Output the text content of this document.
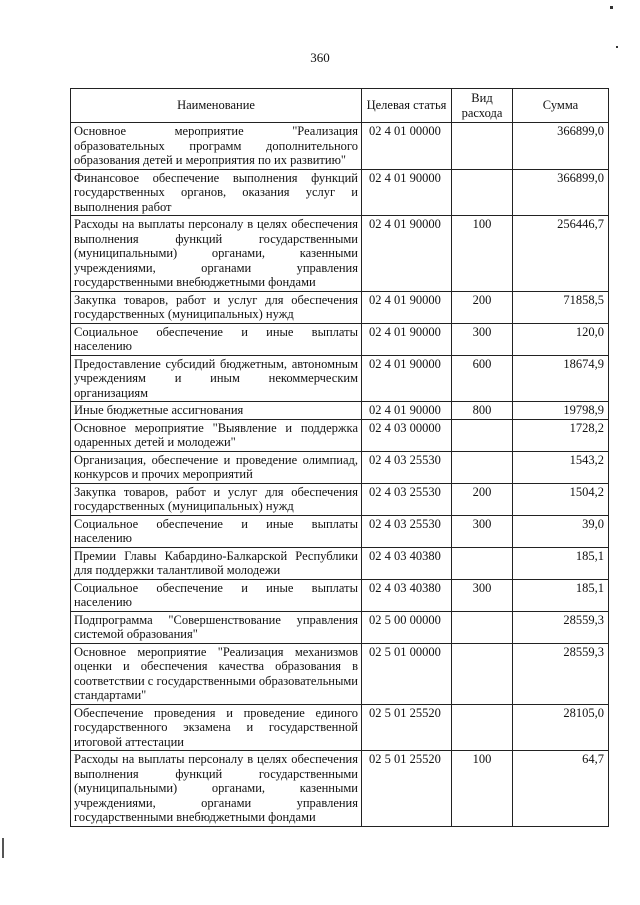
360
Наименование	Целевая статья	Вид расхода	Сумма
Основное мероприятие "Реализация образовательных программ дополнительного образования детей и мероприятия по их развитию"	02 4 01 00000		366899,0
Финансовое обеспечение выполнения функций государственных органов, оказания услуг и выполнения работ	02 4 01 90000		366899,0
Расходы на выплаты персоналу в целях обеспечения выполнения функций государственными (муниципальными) органами, казенными учреждениями, органами управления государственными внебюджетными фондами	02 4 01 90000	100	256446,7
Закупка товаров, работ и услуг для обеспечения государственных (муниципальных) нужд	02 4 01 90000	200	71858,5
Социальное обеспечение и иные выплаты населению	02 4 01 90000	300	120,0
Предоставление субсидий бюджетным, автономным учреждениям и иным некоммерческим организациям	02 4 01 90000	600	18674,9
Иные бюджетные ассигнования	02 4 01 90000	800	19798,9
Основное мероприятие "Выявление и поддержка одаренных детей и молодежи"	02 4 03 00000		1728,2
Организация, обеспечение и проведение олимпиад, конкурсов и прочих мероприятий	02 4 03 25530		1543,2
Закупка товаров, работ и услуг для обеспечения государственных (муниципальных) нужд	02 4 03 25530	200	1504,2
Социальное обеспечение и иные выплаты населению	02 4 03 25530	300	39,0
Премии Главы Кабардино-Балкарской Республики для поддержки талантливой молодежи	02 4 03 40380		185,1
Социальное обеспечение и иные выплаты населению	02 4 03 40380	300	185,1
Подпрограмма "Совершенствование управления системой образования"	02 5 00 00000		28559,3
Основное мероприятие "Реализация механизмов оценки и обеспечения качества образования в соответствии с государственными образовательными стандартами"	02 5 01 00000		28559,3
Обеспечение проведения и проведение единого государственного экзамена и государственной итоговой аттестации	02 5 01 25520		28105,0
Расходы на выплаты персоналу в целях обеспечения выполнения функций государственными (муниципальными) органами, казенными учреждениями, органами управления государственными внебюджетными фондами	02 5 01 25520	100	64,7
